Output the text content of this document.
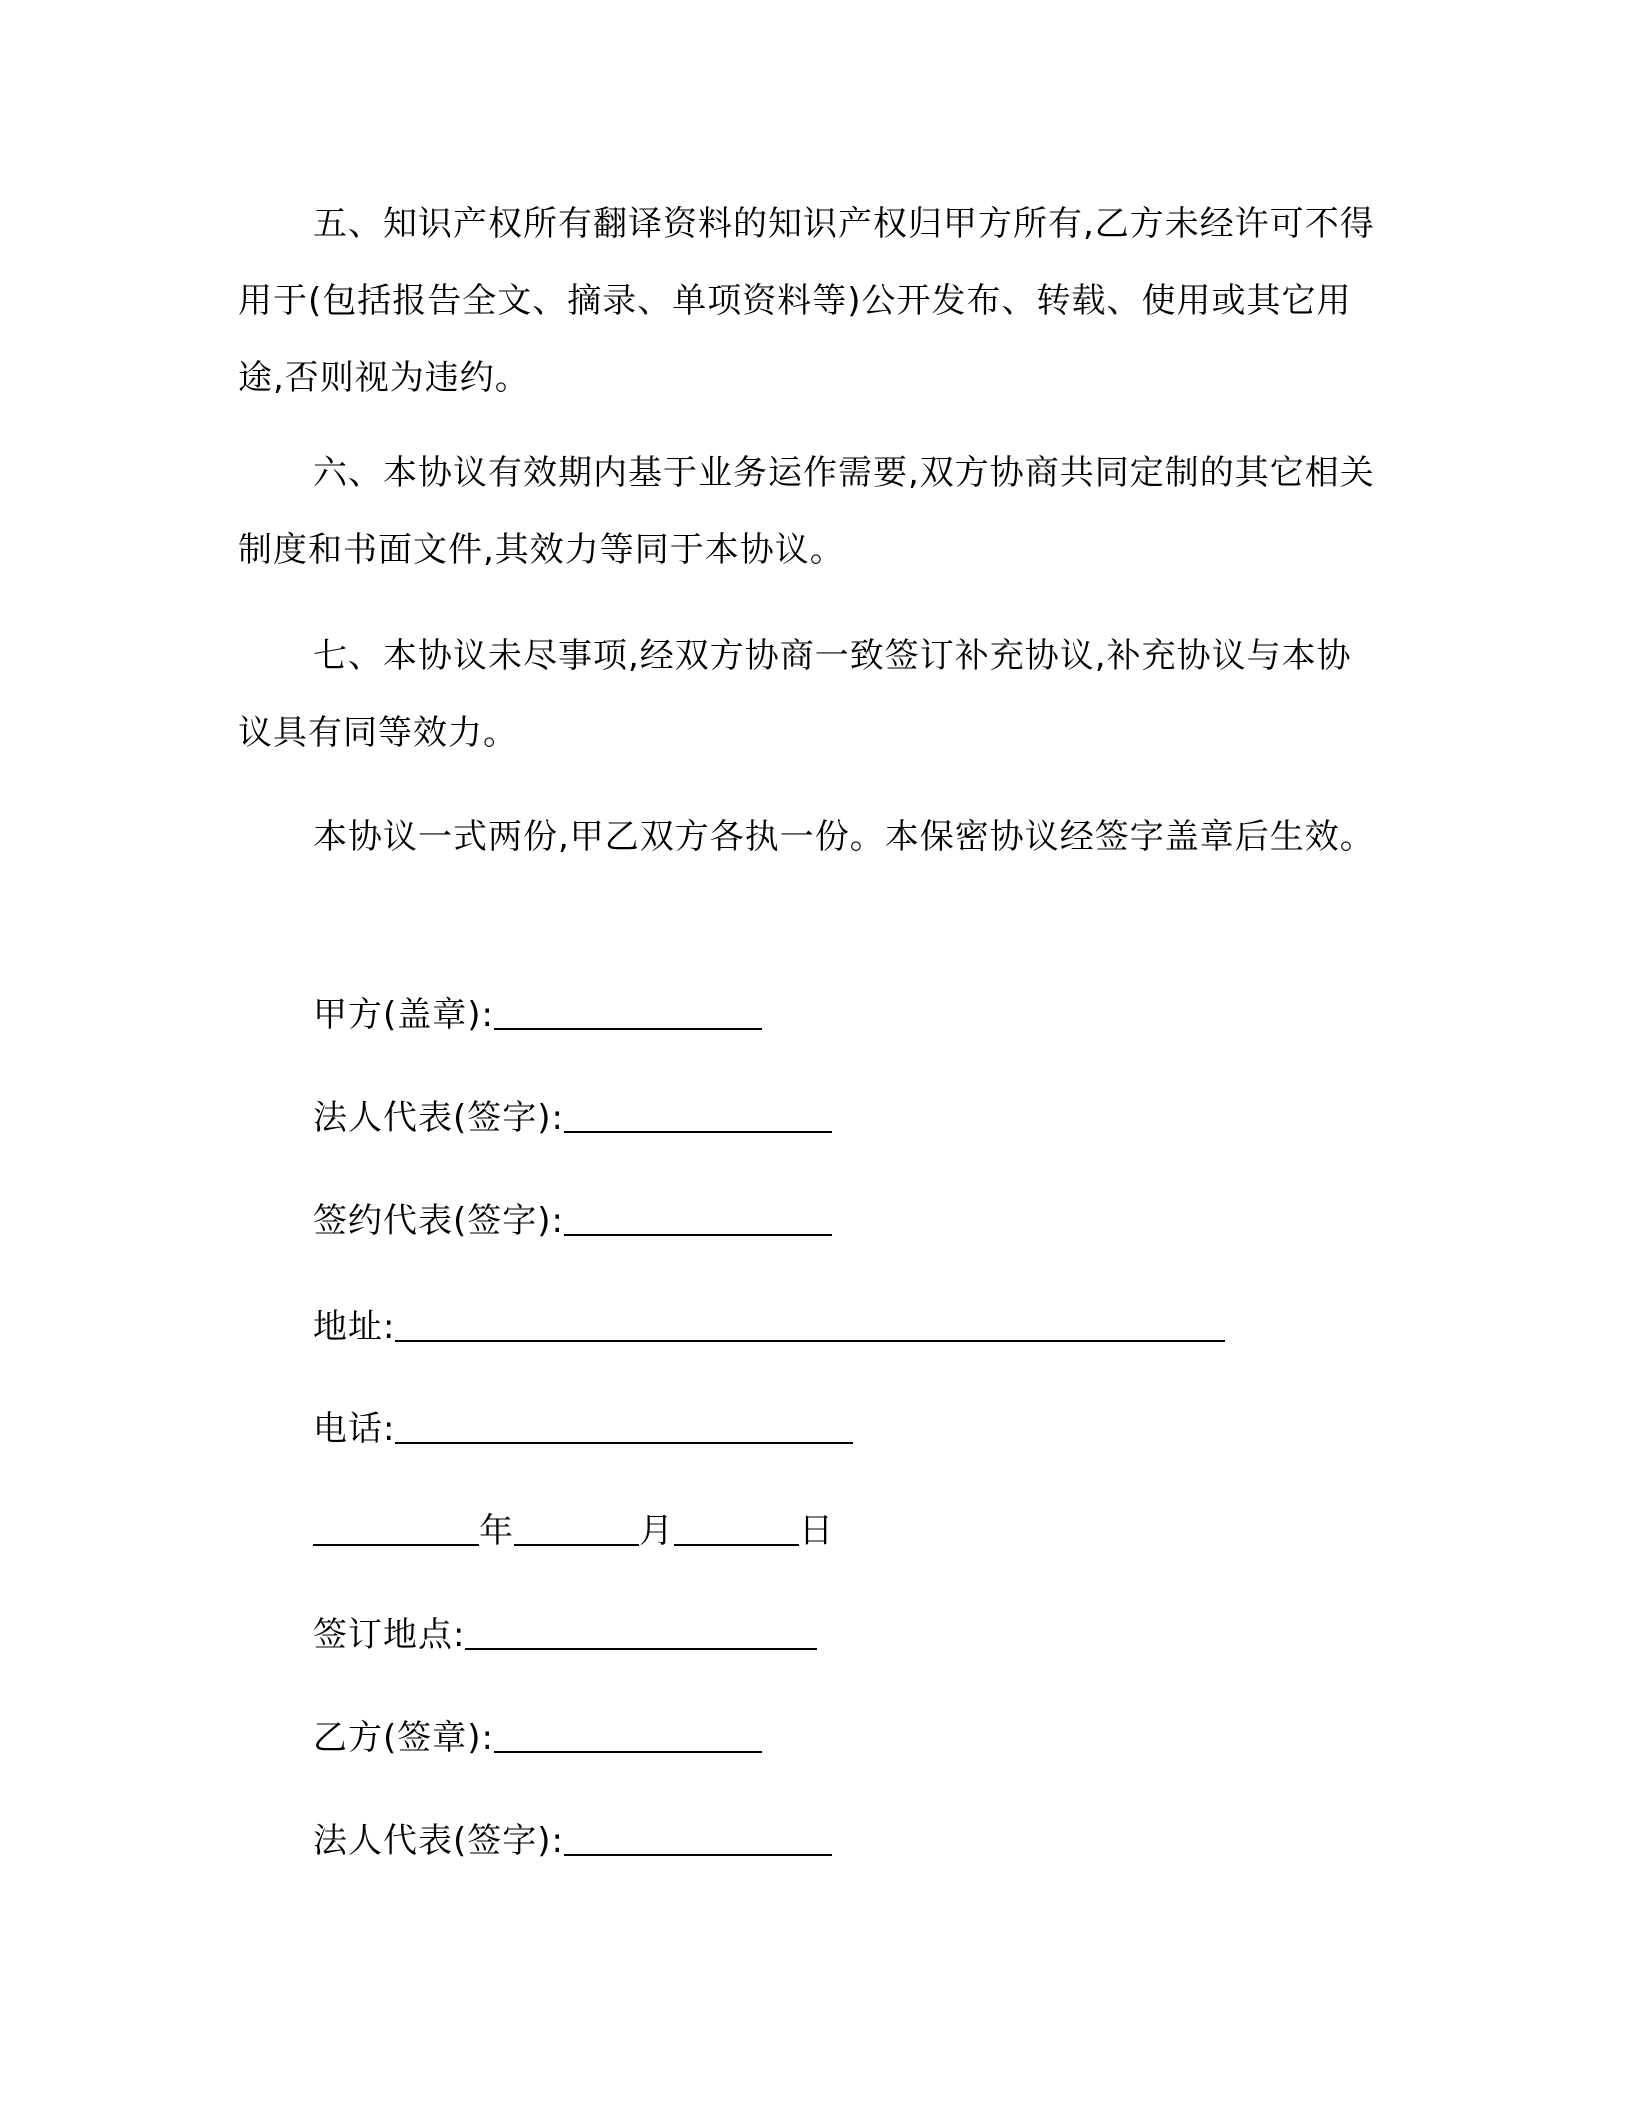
五、知识产权所有翻译资料的知识产权归甲方所有,乙方未经许可不得用于(包括报告全文、摘录、单项资料等)公开发布、转载、使用或其它用途,否则视为违约。

六、本协议有效期内基于业务运作需要,双方协商共同定制的其它相关制度和书面文件,其效力等同于本协议。

七、本协议未尽事项,经双方协商一致签订补充协议,补充协议与本协议具有同等效力。

本协议一式两份,甲乙双方各执一份。本保密协议经签字盖章后生效。

甲方(盖章):
法人代表(签字):
签约代表(签字):
地址:
电话:
年	月	日
签订地点:
乙方(签章):
法人代表(签字):
